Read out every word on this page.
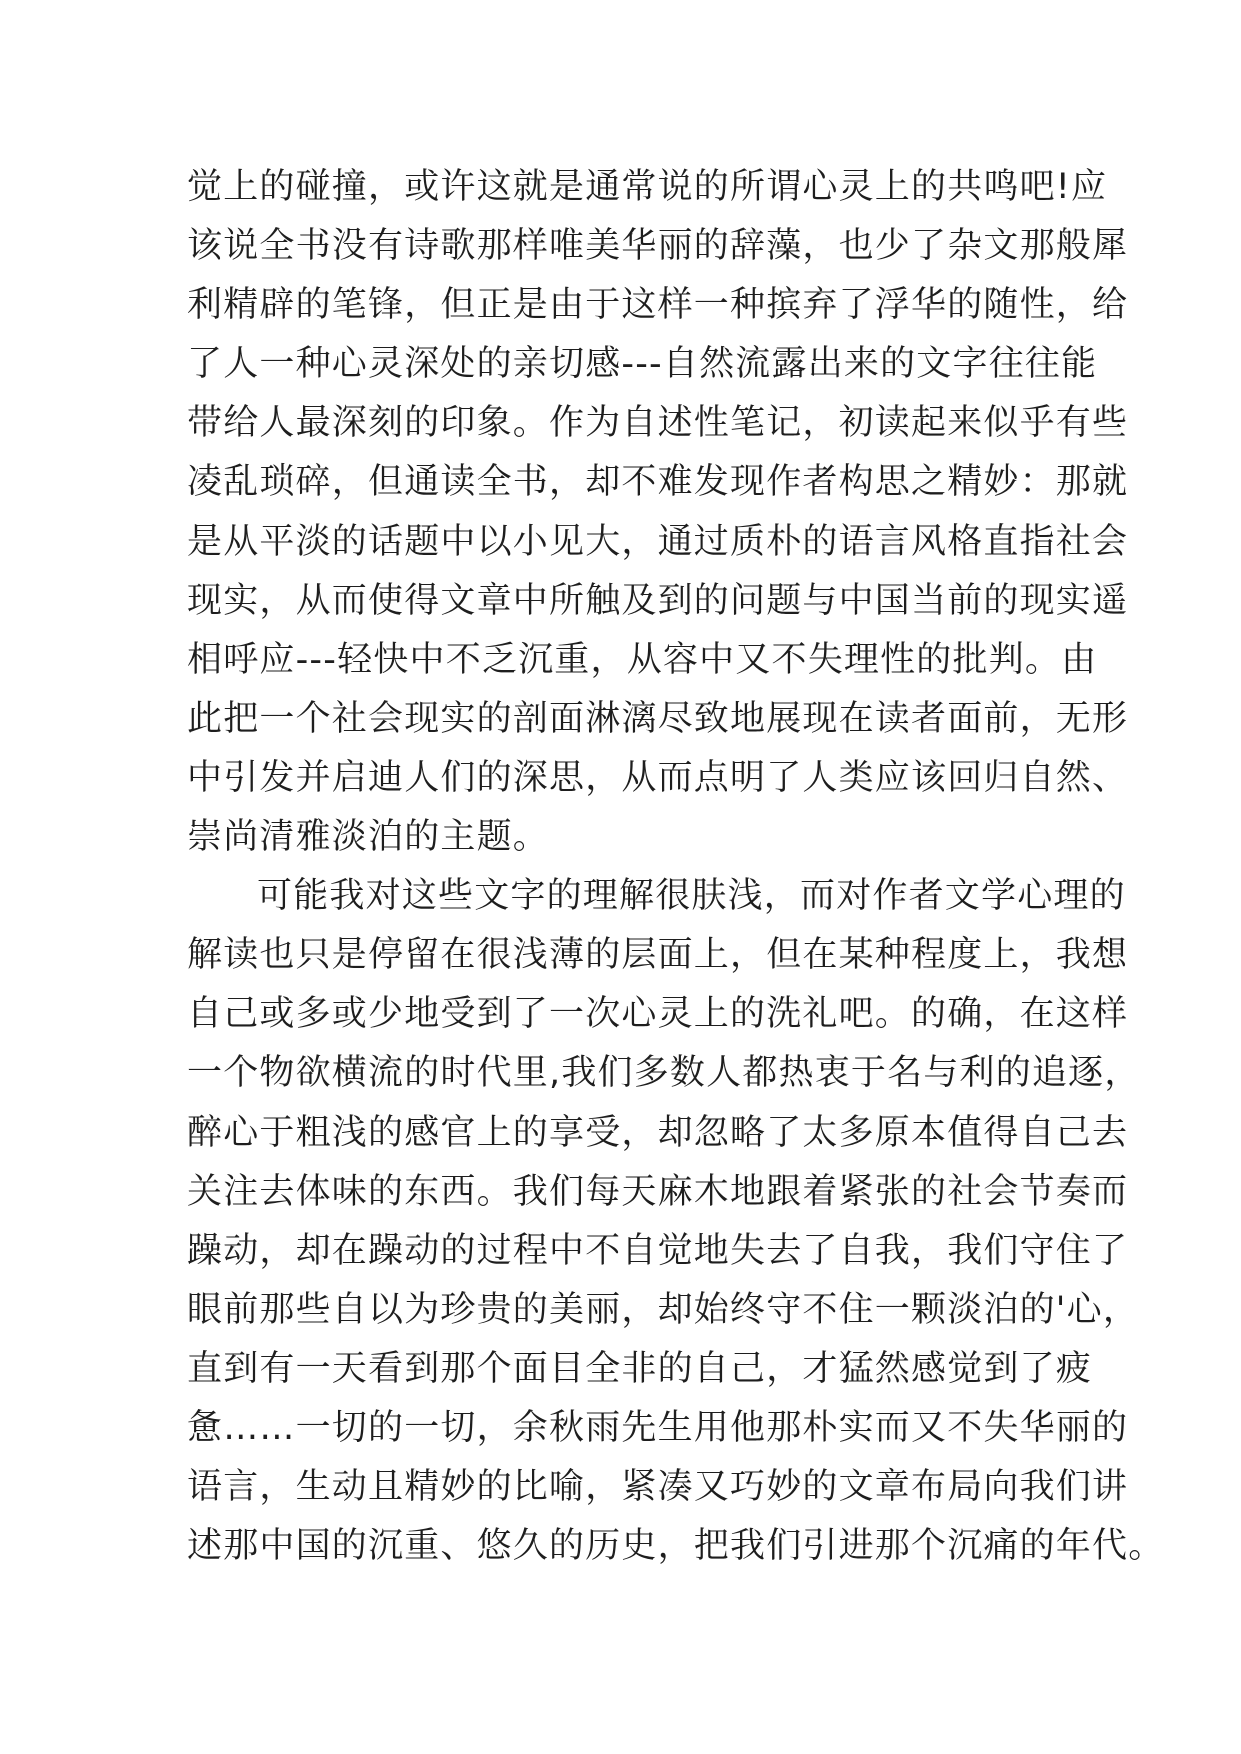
觉上的碰撞，或许这就是通常说的所谓心灵上的共鸣吧!应
该说全书没有诗歌那样唯美华丽的辞藻，也少了杂文那般犀
利精辟的笔锋，但正是由于这样一种摈弃了浮华的随性，给
了人一种心灵深处的亲切感---自然流露出来的文字往往能
带给人最深刻的印象。作为自述性笔记，初读起来似乎有些
凌乱琐碎，但通读全书，却不难发现作者构思之精妙：那就
是从平淡的话题中以小见大，通过质朴的语言风格直指社会
现实，从而使得文章中所触及到的问题与中国当前的现实遥
相呼应---轻快中不乏沉重，从容中又不失理性的批判。由
此把一个社会现实的剖面淋漓尽致地展现在读者面前，无形
中引发并启迪人们的深思，从而点明了人类应该回归自然、
崇尚清雅淡泊的主题。
可能我对这些文字的理解很肤浅，而对作者文学心理的
解读也只是停留在很浅薄的层面上，但在某种程度上，我想
自己或多或少地受到了一次心灵上的洗礼吧。的确，在这样
一个物欲横流的时代里,我们多数人都热衷于名与利的追逐，
醉心于粗浅的感官上的享受，却忽略了太多原本值得自己去
关注去体味的东西。我们每天麻木地跟着紧张的社会节奏而
躁动，却在躁动的过程中不自觉地失去了自我，我们守住了
眼前那些自以为珍贵的美丽，却始终守不住一颗淡泊的'心，
直到有一天看到那个面目全非的自己，才猛然感觉到了疲
惫……一切的一切，余秋雨先生用他那朴实而又不失华丽的
语言，生动且精妙的比喻，紧凑又巧妙的文章布局向我们讲
述那中国的沉重、悠久的历史，把我们引进那个沉痛的年代。
